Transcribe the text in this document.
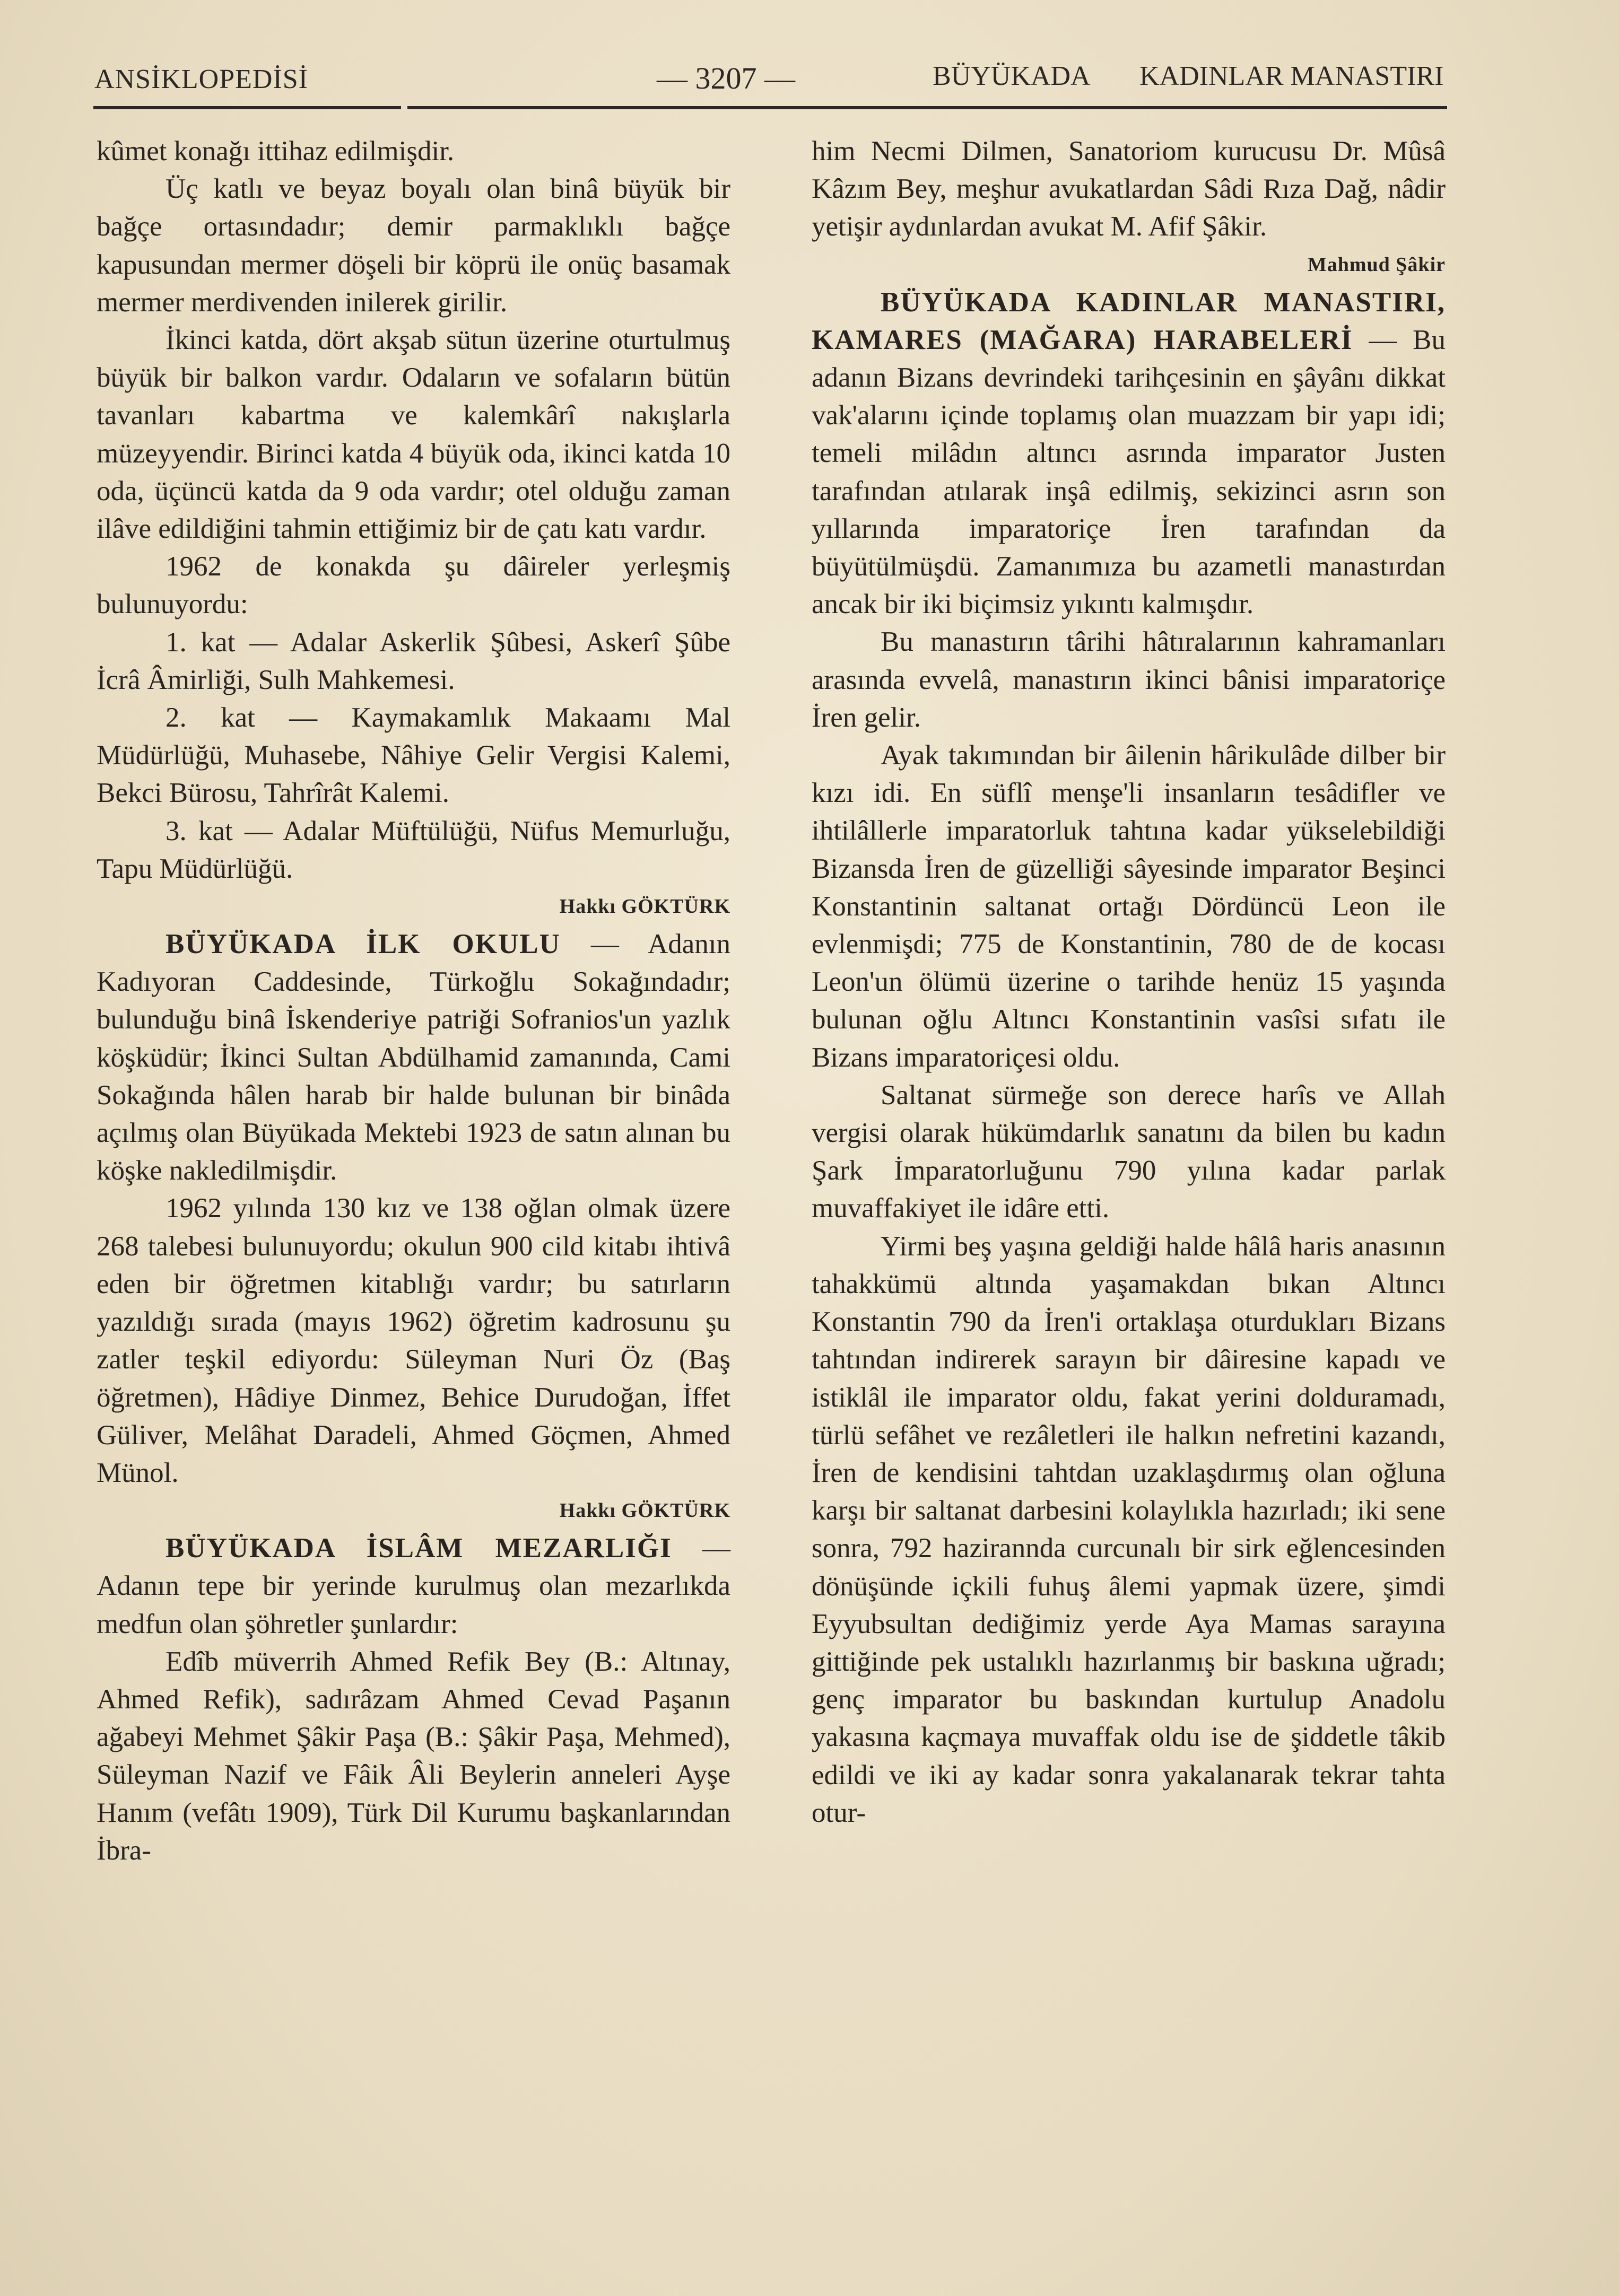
ANSİKLOPEDİSİ	— 3207 —	BÜYÜKADA KADINLAR MANASTIRI

kûmet konağı ittihaz edilmişdir.

Üç katlı ve beyaz boyalı olan binâ büyük bir bağçe ortasındadır; demir parmaklıklı bağçe kapusundan mermer döşeli bir köprü ile onüç basamak mermer merdivenden inilerek girilir.

İkinci katda, dört akşab sütun üzerine oturtulmuş büyük bir balkon vardır. Odaların ve sofaların bütün tavanları kabartma ve kalemkârî nakışlarla müzeyyendir. Birinci katda 4 büyük oda, ikinci katda 10 oda, üçüncü katda da 9 oda vardır; otel olduğu zaman ilâve edildiğini tahmin ettiğimiz bir de çatı katı vardır.

1962 de konakda şu dâireler yerleşmiş bulunuyordu:

1. kat — Adalar Askerlik Şûbesi, Askerî Şûbe İcrâ Âmirliği, Sulh Mahkemesi.

2. kat — Kaymakamlık Makaamı Mal Müdürlüğü, Muhasebe, Nâhiye Gelir Vergisi Kalemi, Bekci Bürosu, Tahrîrât Kalemi.

3. kat — Adalar Müftülüğü, Nüfus Memurluğu, Tapu Müdürlüğü.

Hakkı GÖKTÜRK

BÜYÜKADA İLK OKULU — Adanın Kadıyoran Caddesinde, Türkoğlu Sokağındadır; bulunduğu binâ İskenderiye patriği Sofranios'un yazlık köşküdür; İkinci Sultan Abdülhamid zamanında, Cami Sokağında hâlen harab bir halde bulunan bir binâda açılmış olan Büyükada Mektebi 1923 de satın alınan bu köşke nakledilmişdir.

1962 yılında 130 kız ve 138 oğlan olmak üzere 268 talebesi bulunuyordu; okulun 900 cild kitabı ihtivâ eden bir öğretmen kitablığı vardır; bu satırların yazıldığı sırada (mayıs 1962) öğretim kadrosunu şu zatler teşkil ediyordu: Süleyman Nuri Öz (Baş öğretmen), Hâdiye Dinmez, Behice Durudoğan, İffet Güliver, Melâhat Daradeli, Ahmed Göçmen, Ahmed Münol.

Hakkı GÖKTÜRK

BÜYÜKADA İSLÂM MEZARLIĞI — Adanın tepe bir yerinde kurulmuş olan mezarlıkda medfun olan şöhretler şunlardır:

Edîb müverrih Ahmed Refik Bey (B.: Altınay, Ahmed Refik), sadırâzam Ahmed Cevad Paşanın ağabeyi Mehmet Şâkir Paşa (B.: Şâkir Paşa, Mehmed), Süleyman Nazif ve Fâik Âli Beylerin anneleri Ayşe Hanım (vefâtı 1909), Türk Dil Kurumu başkanlarından İbra-

him Necmi Dilmen, Sanatoriom kurucusu Dr. Mûsâ Kâzım Bey, meşhur avukatlardan Sâdi Rıza Dağ, nâdir yetişir aydınlardan avukat M. Afif Şâkir.

Mahmud Şâkir

BÜYÜKADA KADINLAR MANASTIRI, KAMARES (MAĞARA) HARABELERİ — Bu adanın Bizans devrindeki tarihçesinin en şâyânı dikkat vak'alarını içinde toplamış olan muazzam bir yapı idi; temeli milâdın altıncı asrında imparator Justen tarafından atılarak inşâ edilmiş, sekizinci asrın son yıllarında imparatoriçe İren tarafından da büyütülmüşdü. Zamanımıza bu azametli manastırdan ancak bir iki biçimsiz yıkıntı kalmışdır.

Bu manastırın târihi hâtıralarının kahramanları arasında evvelâ, manastırın ikinci bânisi imparatoriçe İren gelir.

Ayak takımından bir âilenin hârikulâde dilber bir kızı idi. En süflî menşe'li insanların tesâdifler ve ihtilâllerle imparatorluk tahtına kadar yükselebildiği Bizansda İren de güzelliği sâyesinde imparator Beşinci Konstantinin saltanat ortağı Dördüncü Leon ile evlenmişdi; 775 de Konstantinin, 780 de de kocası Leon'un ölümü üzerine o tarihde henüz 15 yaşında bulunan oğlu Altıncı Konstantinin vasîsi sıfatı ile Bizans imparatoriçesi oldu.

Saltanat sürmeğe son derece harîs ve Allah vergisi olarak hükümdarlık sanatını da bilen bu kadın Şark İmparatorluğunu 790 yılına kadar parlak muvaffakiyet ile idâre etti.

Yirmi beş yaşına geldiği halde hâlâ haris anasının tahakkümü altında yaşamakdan bıkan Altıncı Konstantin 790 da İren'i ortaklaşa oturdukları Bizans tahtından indirerek sarayın bir dâiresine kapadı ve istiklâl ile imparator oldu, fakat yerini dolduramadı, türlü sefâhet ve rezâletleri ile halkın nefretini kazandı, İren de kendisini tahtdan uzaklaşdırmış olan oğluna karşı bir saltanat darbesini kolaylıkla hazırladı; iki sene sonra, 792 hazirannda curcunalı bir sirk eğlencesinden dönüşünde içkili fuhuş âlemi yapmak üzere, şimdi Eyyubsultan dediğimiz yerde Aya Mamas sarayına gittiğinde pek ustalıklı hazırlanmış bir baskına uğradı; genç imparator bu baskından kurtulup Anadolu yakasına kaçmaya muvaffak oldu ise de şiddetle tâkib edildi ve iki ay kadar sonra yakalanarak tekrar tahta otur-
